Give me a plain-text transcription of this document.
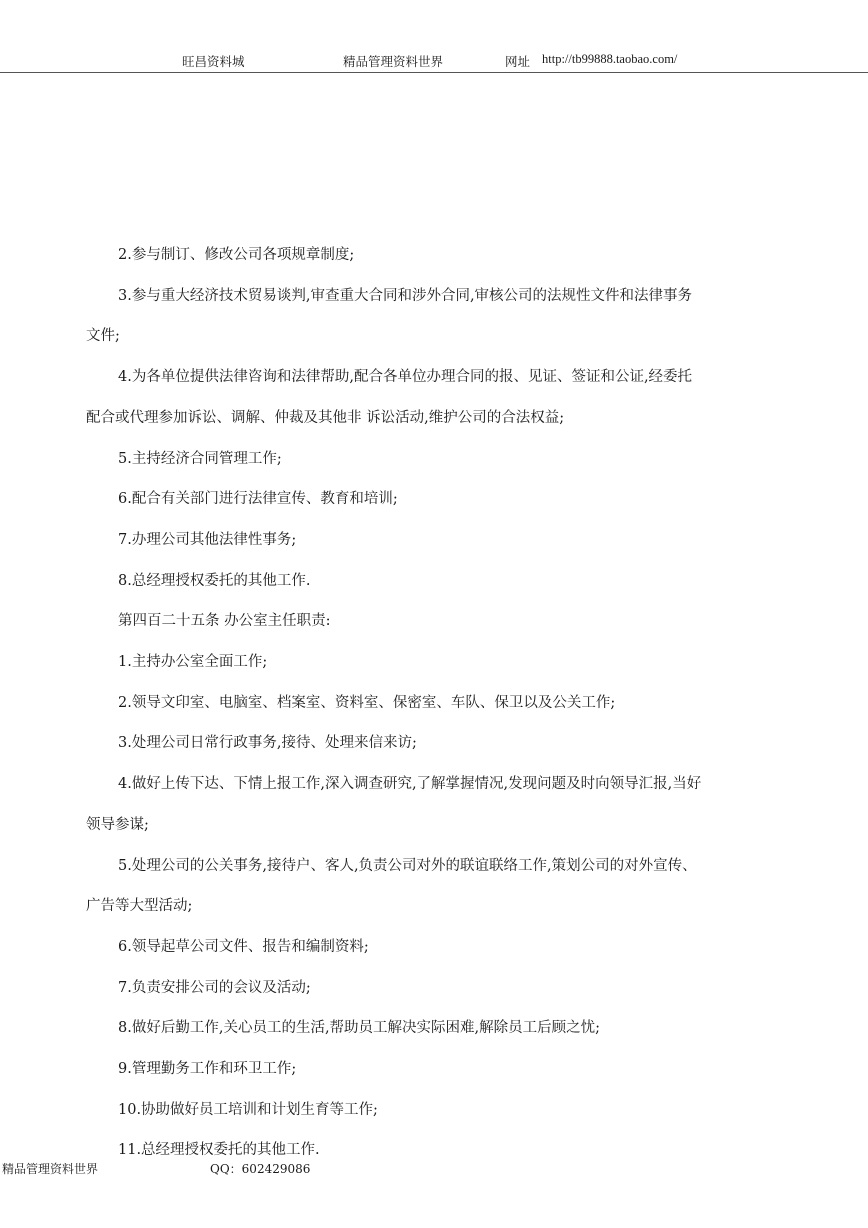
旺昌资料城	精品管理资料世界	网址 http://tb99888.taobao.com/
2.参与制订、修改公司各项规章制度;
3.参与重大经济技术贸易谈判,审查重大合同和涉外合同,审核公司的法规性文件和法律事务
文件;
4.为各单位提供法律咨询和法律帮助,配合各单位办理合同的报、见证、签证和公证,经委托
配合或代理参加诉讼、调解、仲裁及其他非 诉讼活动,维护公司的合法权益;
5.主持经济合同管理工作;
6.配合有关部门进行法律宣传、教育和培训;
7.办理公司其他法律性事务;
8.总经理授权委托的其他工作.
第四百二十五条 办公室主任职责:
1.主持办公室全面工作;
2.领导文印室、电脑室、档案室、资料室、保密室、车队、保卫以及公关工作;
3.处理公司日常行政事务,接待、处理来信来访;
4.做好上传下达、下情上报工作,深入调查研究,了解掌握情况,发现问题及时向领导汇报,当好
领导参谋;
5.处理公司的公关事务,接待户、客人,负责公司对外的联谊联络工作,策划公司的对外宣传、
广告等大型活动;
6.领导起草公司文件、报告和编制资料;
7.负责安排公司的会议及活动;
8.做好后勤工作,关心员工的生活,帮助员工解决实际困难,解除员工后顾之忧;
9.管理勤务工作和环卫工作;
10.协助做好员工培训和计划生育等工作;
11.总经理授权委托的其他工作.
精品管理资料世界	QQ：602429086
